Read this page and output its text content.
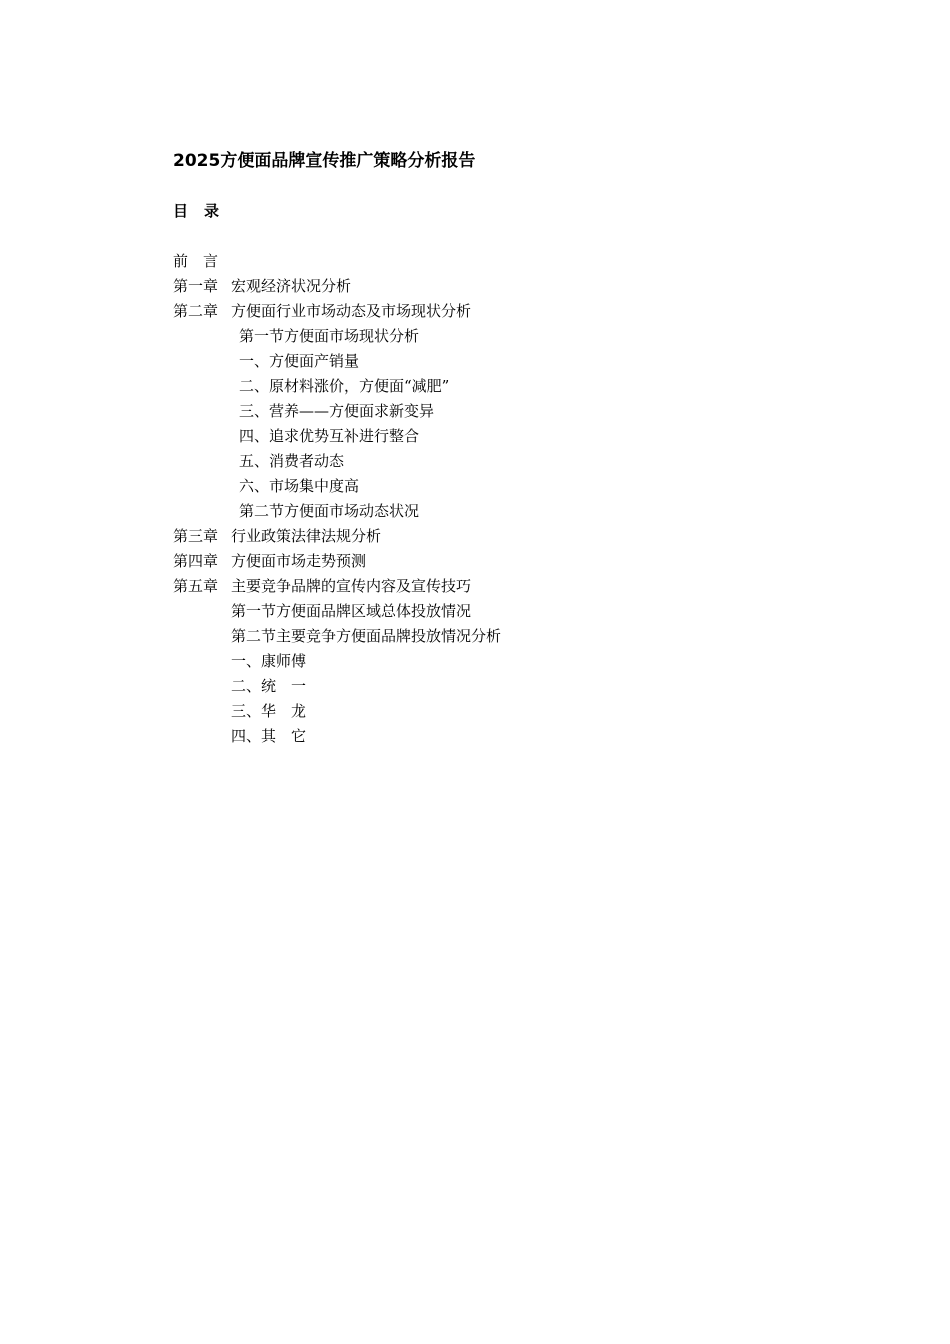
2025方便面品牌宣传推广策略分析报告
目 录
前　言
第一章 宏观经济状况分析
第二章 方便面行业市场动态及市场现状分析
第一节方便面市场现状分析
一、方便面产销量
二、原材料涨价，方便面“减肥”
三、营养——方便面求新变异
四、追求优势互补进行整合
五、消费者动态
六、市场集中度高
第二节方便面市场动态状况
第三章 行业政策法律法规分析
第四章 方便面市场走势预测
第五章 主要竞争品牌的宣传内容及宣传技巧
第一节方便面品牌区域总体投放情况
第二节主要竞争方便面品牌投放情况分析
一、康师傅
二、统　一
三、华　龙
四、其　它
